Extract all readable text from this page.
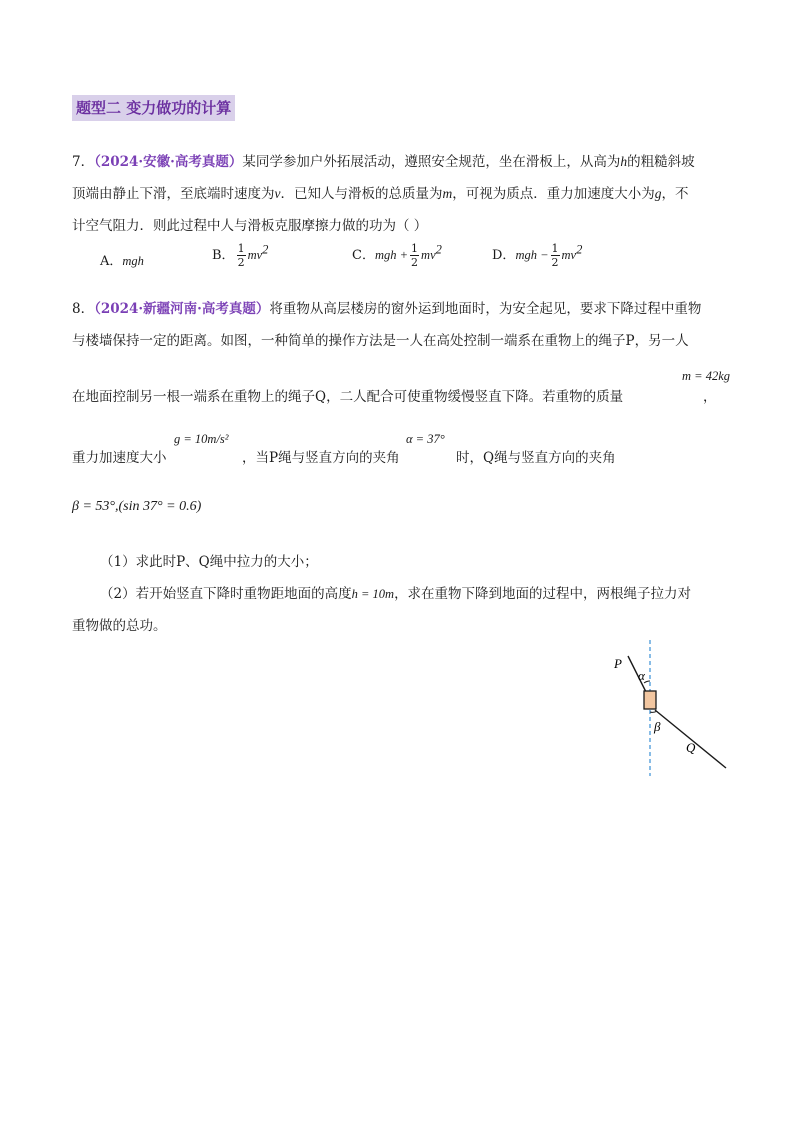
题型二 变力做功的计算
7．（2024·安徽·高考真题）某同学参加户外拓展活动，遵照安全规范，坐在滑板上，从高为h的粗糙斜坡
顶端由静止下滑，至底端时速度为v．已知人与滑板的总质量为m，可视为质点．重力加速度大小为g，不
计空气阻力．则此过程中人与滑板克服摩擦力做的功为（ ）
A．mgh	B． $\frac{1}{2} mv^2$	C．mgh + $\frac{1}{2} mv^2$	D．mgh − $\frac{1}{2} mv^2$
8．（2024·新疆河南·高考真题）将重物从高层楼房的窗外运到地面时，为安全起见，要求下降过程中重物
与楼墙保持一定的距离。如图，一种简单的操作方法是一人在高处控制一端系在重物上的绳子P，另一人
在地面控制另一根一端系在重物上的绳子Q，二人配合可使重物缓慢竖直下降。若重物的质量
m = 42kg
，
重力加速度大小
g = 10m/s²
，当P绳与竖直方向的夹角
α = 37°
时，Q绳与竖直方向的夹角
β = 53°,(sin 37° = 0.6)
（1）求此时P、Q绳中拉力的大小；
（2）若开始竖直下降时重物距地面的高度h = 10m，求在重物下降到地面的过程中，两根绳子拉力对
重物做的总功。
P
α
β
Q
